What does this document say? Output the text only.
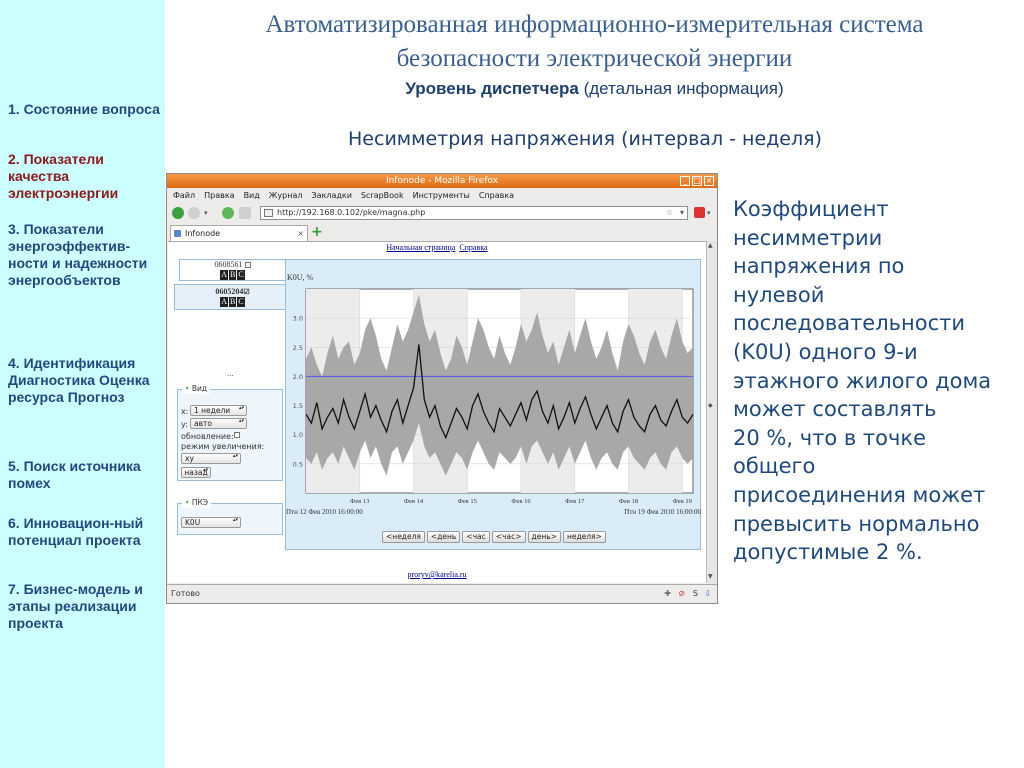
1. Состояние вопроса
2. Показатели качества электроэнергии
3. Показатели энергоэффектив-ности и надежности энергообъектов
4. Идентификация Диагностика Оценка ресурса Прогноз
5. Поиск источника помех
6. Инновацион-ный потенциал проекта
7. Бизнес-модель и этапы реализации проекта
Автоматизированная информационно-измерительная система
безопасности электрической энергии
Уровень диспетчера (детальная информация)
Несимметрия напряжения (интервал - неделя)
Коэффициент
несимметрии
напряжения по
нулевой
последовательности
(K0U) одного 9-и
этажного жилого дома
может составлять
20 %, что в точке
общего
присоединения может
превысить нормально
допустимые 2 %.
Infonode - Mozilla Firefox	_ □ ×
Файл Правка Вид Журнал Закладки ScrapBook Инструменты Справка
▾	http://192.168.0.102/pke/magna.php	☆ ▾	▾
Infonode	× +
Начальная страница Справка
0608561
A B C
0605204☑
A B C
...
• Вид
x: 1 недели ▴▾
y: авто ▴▾
обновление:
режим увеличения:
xy ▴▾
назад ▴▾
• ПКЭ
K0U ▴▾
K0U, %
0.5
1.0
1.5
2.0
2.5
3.0
Фев 13	Фев 14	Фев 15	Фев 16	Фев 17	Фев 18	Фев 19
Птн 12 Фев 2010 16:00:00	Птн 19 Фев 2010 16:00:00
<неделя	<день	<час	<час>	день>	неделя>
proryv@karelia.ru
▲
◆
▼
Готово	✚ ⊘ S ⇩
